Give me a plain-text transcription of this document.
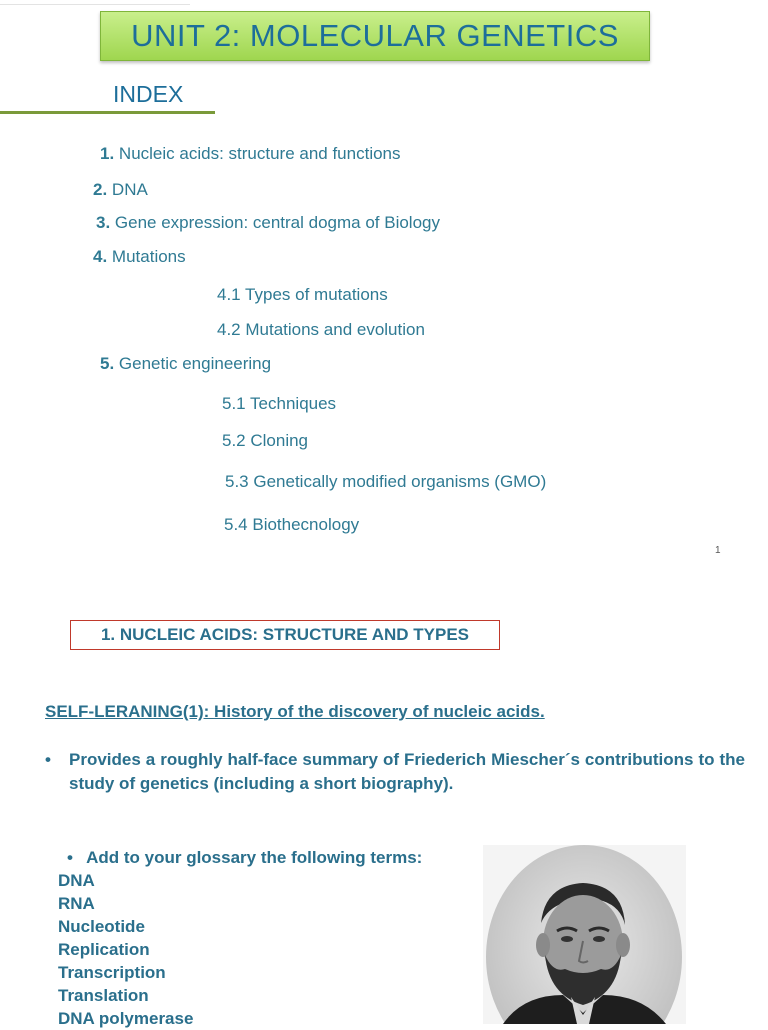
UNIT 2: MOLECULAR GENETICS
INDEX
1. Nucleic acids: structure and functions
2. DNA
3. Gene expression: central dogma of Biology
4. Mutations
4.1 Types of mutations
4.2 Mutations and evolution
5. Genetic engineering
5.1 Techniques
5.2 Cloning
5.3 Genetically modified organisms (GMO)
5.4 Biothecnology
1
1. NUCLEIC ACIDS: STRUCTURE AND TYPES
SELF-LERANING(1): History of the discovery of nucleic acids.
•	Provides a roughly half-face summary of Friederich Miescher´s contributions to the study of genetics (including a short biography).
• Add to your glossary the following terms:
DNA
RNA
Nucleotide
Replication
Transcription
Translation
DNA polymerase
